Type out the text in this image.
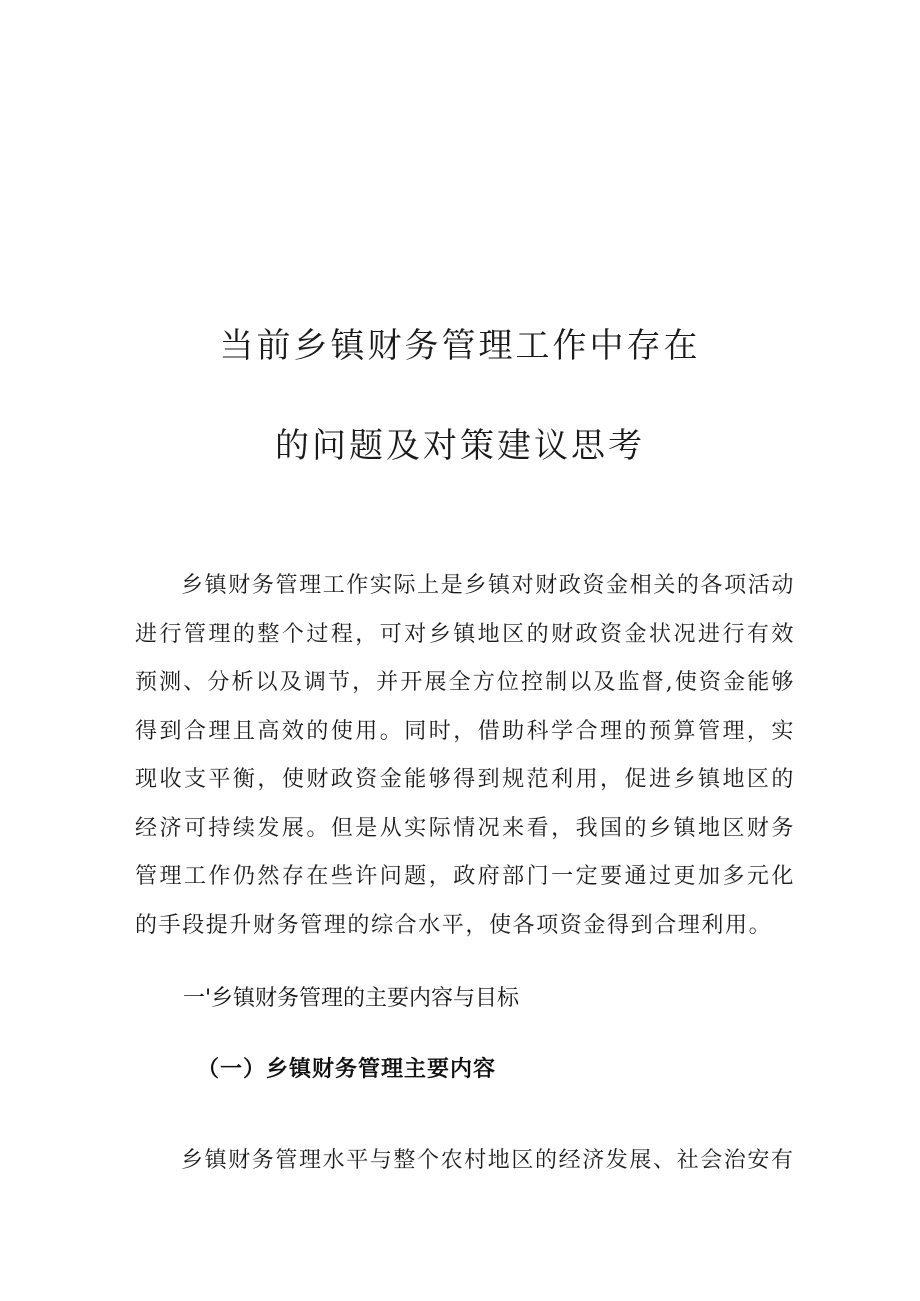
当前乡镇财务管理工作中存在
的问题及对策建议思考

乡镇财务管理工作实际上是乡镇对财政资金相关的各项活动进行管理的整个过程，可对乡镇地区的财政资金状况进行有效预测、分析以及调节，并开展全方位控制以及监督,使资金能够得到合理且高效的使用。同时，借助科学合理的预算管理，实现收支平衡，使财政资金能够得到规范利用，促进乡镇地区的经济可持续发展。但是从实际情况来看，我国的乡镇地区财务管理工作仍然存在些许问题，政府部门一定要通过更加多元化的手段提升财务管理的综合水平，使各项资金得到合理利用。

一'乡镇财务管理的主要内容与目标
（一）乡镇财务管理主要内容

乡镇财务管理水平与整个农村地区的经济发展、社会治安有
